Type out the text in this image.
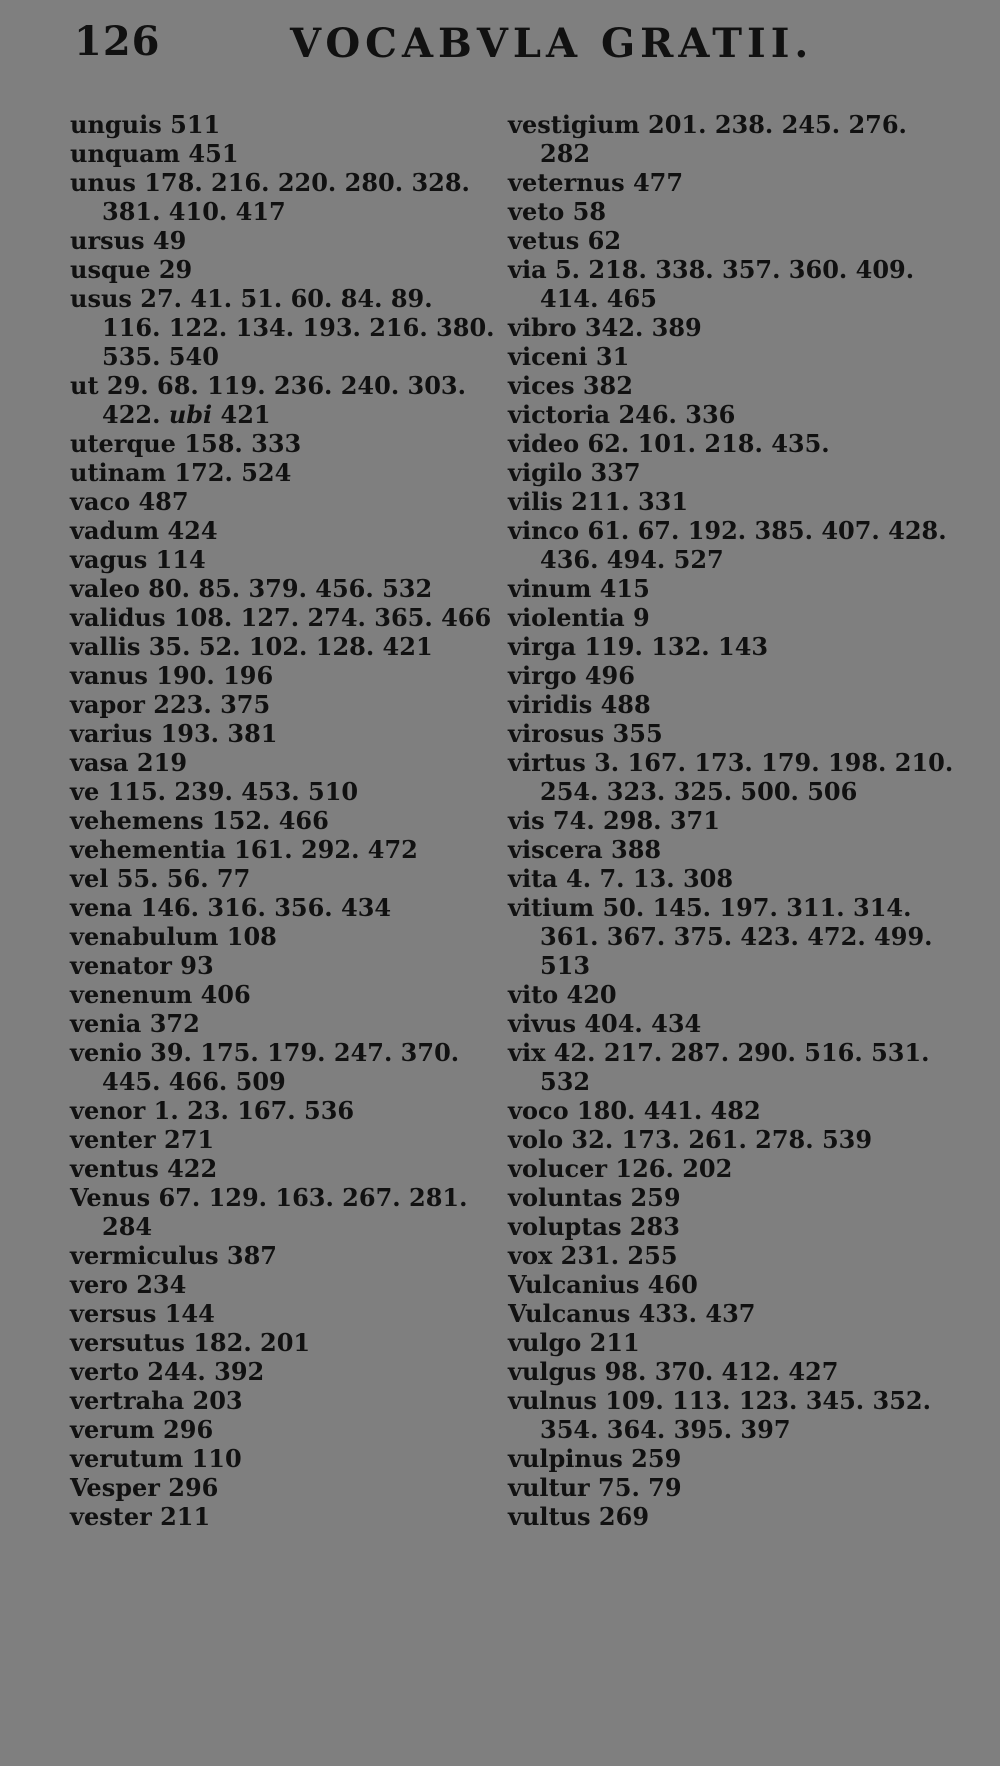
126	VOCABVLA GRATII.
unguis 511
unquam 451
unus 178. 216. 220. 280. 328.
381. 410. 417
ursus 49
usque 29
usus 27. 41. 51. 60. 84. 89.
116. 122. 134. 193. 216. 380.
535. 540
ut 29. 68. 119. 236. 240. 303.
422. ubi 421
uterque 158. 333
utinam 172. 524
vaco 487
vadum 424
vagus 114
valeo 80. 85. 379. 456. 532
validus 108. 127. 274. 365. 466
vallis 35. 52. 102. 128. 421
vanus 190. 196
vapor 223. 375
varius 193. 381
vasa 219
ve 115. 239. 453. 510
vehemens 152. 466
vehementia 161. 292. 472
vel 55. 56. 77
vena 146. 316. 356. 434
venabulum 108
venator 93
venenum 406
venia 372
venio 39. 175. 179. 247. 370.
445. 466. 509
venor 1. 23. 167. 536
venter 271
ventus 422
Venus 67. 129. 163. 267. 281.
284
vermiculus 387
vero 234
versus 144
versutus 182. 201
verto 244. 392
vertraha 203
verum 296
verutum 110
Vesper 296
vester 211
vestigium 201. 238. 245. 276.
282
veternus 477
veto 58
vetus 62
via 5. 218. 338. 357. 360. 409.
414. 465
vibro 342. 389
viceni 31
vices 382
victoria 246. 336
video 62. 101. 218. 435.
vigilo 337
vilis 211. 331
vinco 61. 67. 192. 385. 407. 428.
436. 494. 527
vinum 415
violentia 9
virga 119. 132. 143
virgo 496
viridis 488
virosus 355
virtus 3. 167. 173. 179. 198. 210.
254. 323. 325. 500. 506
vis 74. 298. 371
viscera 388
vita 4. 7. 13. 308
vitium 50. 145. 197. 311. 314.
361. 367. 375. 423. 472. 499.
513
vito 420
vivus 404. 434
vix 42. 217. 287. 290. 516. 531.
532
voco 180. 441. 482
volo 32. 173. 261. 278. 539
volucer 126. 202
voluntas 259
voluptas 283
vox 231. 255
Vulcanius 460
Vulcanus 433. 437
vulgo 211
vulgus 98. 370. 412. 427
vulnus 109. 113. 123. 345. 352.
354. 364. 395. 397
vulpinus 259
vultur 75. 79
vultus 269
